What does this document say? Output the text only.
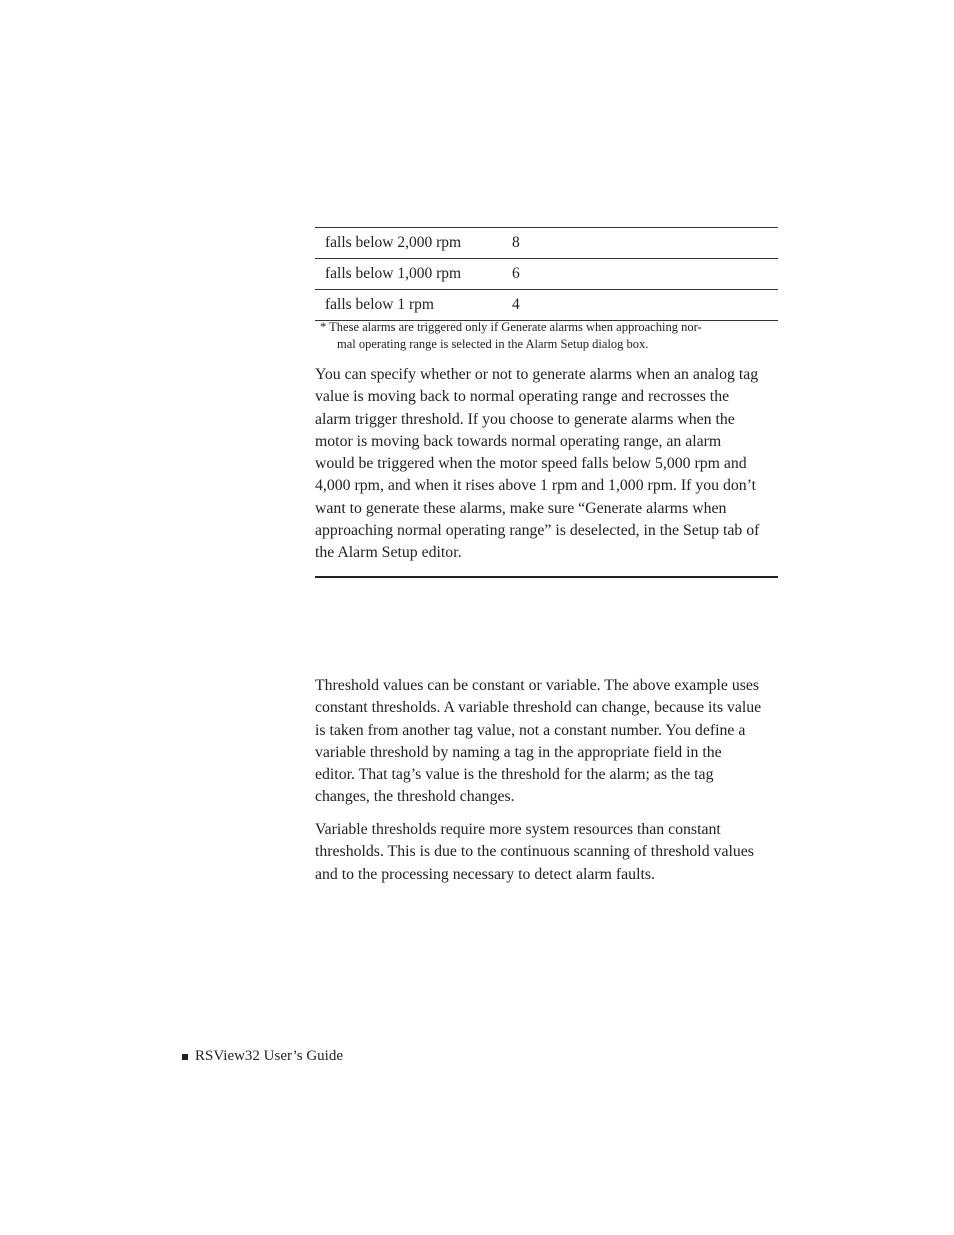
falls below 2,000 rpm	8
falls below 1,000 rpm	6
falls below 1 rpm	4
* These alarms are triggered only if Generate alarms when approaching nor-
mal operating range is selected in the Alarm Setup dialog box.
You can specify whether or not to generate alarms when an analog tag
value is moving back to normal operating range and recrosses the
alarm trigger threshold. If you choose to generate alarms when the
motor is moving back towards normal operating range, an alarm
would be triggered when the motor speed falls below 5,000 rpm and
4,000 rpm, and when it rises above 1 rpm and 1,000 rpm. If you don’t
want to generate these alarms, make sure “Generate alarms when
approaching normal operating range” is deselected, in the Setup tab of
the Alarm Setup editor.
Threshold values can be constant or variable. The above example uses
constant thresholds. A variable threshold can change, because its value
is taken from another tag value, not a constant number. You define a
variable threshold by naming a tag in the appropriate field in the
editor. That tag’s value is the threshold for the alarm; as the tag
changes, the threshold changes.
Variable thresholds require more system resources than constant
thresholds. This is due to the continuous scanning of threshold values
and to the processing necessary to detect alarm faults.
RSView32 User’s Guide
